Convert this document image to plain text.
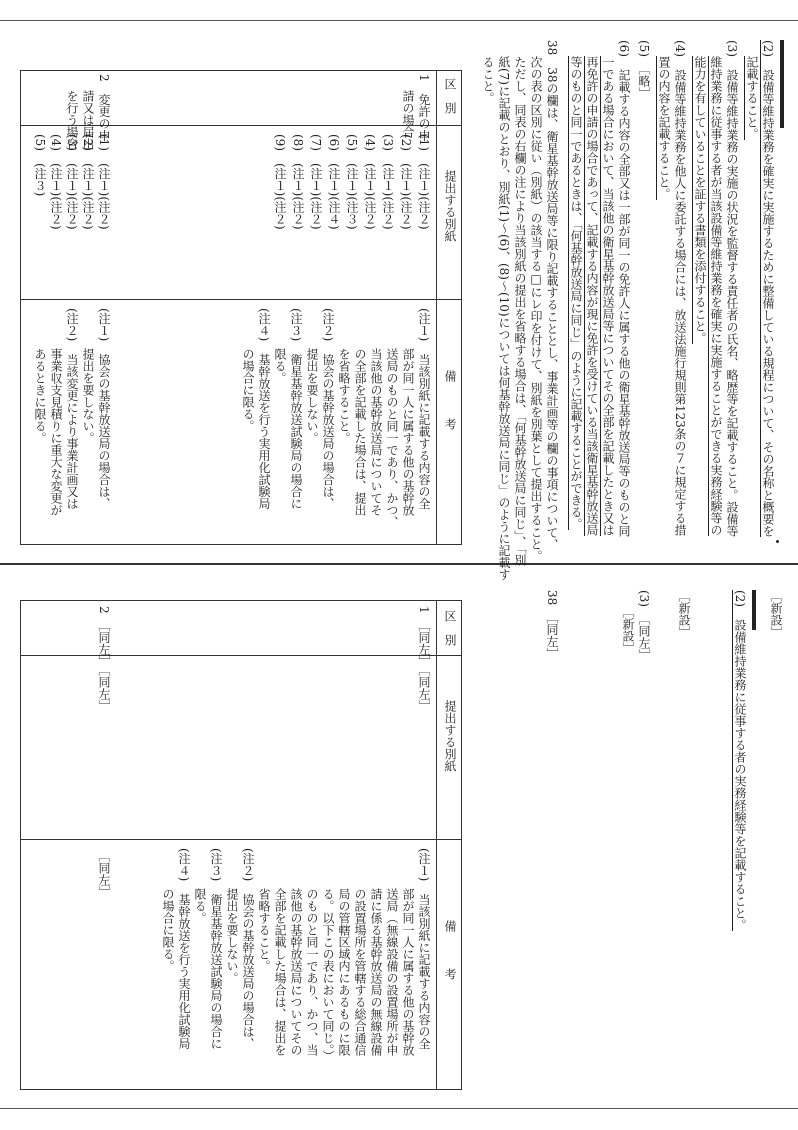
(2)　設備等維持業務を確実に実施するために整備している規程について、その名称と概要を
記載すること。
(3)　設備等維持業務の実施の状況を監督する責任者の氏名、略歴等を記載すること。設備等
維持業務に従事する者が当該設備等維持業務を確実に実施することができる実務経験等の
能力を有していることを証する書類を添付すること。
(4)　設備等維持業務を他人に委託する場合には、放送法施行規則第123条の７に規定する措
置の内容を記載すること。
(5)　［略］
(6)　記載する内容の全部又は一部が同一の免許人に属する他の衛星基幹放送局等のものと同
一である場合において、当該他の衛星基幹放送局等についてその全部を記載したとき又は
再免許の申請の場合であって、記載する内容が現に免許を受けている当該衛星基幹放送局
等のものと同一であるときは、「何基幹放送局に同じ」のように記載することができる。
38　38の欄は、衛星基幹放送局等に限り記載することとし、事業計画等の欄の事項について、
次の表の区別に従い（別紙）の該当する□にレ印を付けて、別紙を別葉として提出すること。
ただし、同表の右欄の注により当該別紙の提出を省略する場合は、「何基幹放送局に同じ」、「別
紙(7)に記載のとおり、別紙(1)〜(6)、(8)〜(10)については何基幹放送局に同じ」のように記載す
ること。
区　別
提出する別紙
備　　　考
1　免許の申
請の場合
2　変更の申
請又は届出
を行う場合
(1)　(注１)(注２)
(2)　(注１)(注２)
(3)　(注１)(注２)
(4)　(注１)(注２)
(5)　(注１)(注３)
(6)　(注１)(注４)
(7)　(注１)(注２)
(8)　(注１)(注２)
(9)　(注１)(注２)
(1)　(注１)(注２)
(2)　(注１)(注２)
(3)　(注１)(注２)
(4)　(注１)(注２)
(5)　(注３)
(注１)　当該別紙に記載する内容の全
部が同一人に属する他の基幹放
送局のものと同一であり、かつ、
当該他の基幹放送局についてそ
の全部を記載した場合は、提出
を省略すること。
(注２)　協会の基幹放送局の場合は、
提出を要しない。
(注３)　衛星基幹放送試験局の場合に
限る。
(注４)　基幹放送を行う実用化試験局
の場合に限る。
(注１)　協会の基幹放送局の場合は、
提出を要しない。
(注２)　当該変更により事業計画又は
事業収支見積りに重大な変更が
あるときに限る。
［新設］
(2)　設備維持業務に従事する者の実務経験等を記載すること。
［新設］
(3)　［同左］
［新設］
38　［同左］
区　別
提出する別紙
備　　　考
1　［同左］
［同左］
2　［同左］
［同左］
［同左］	(注１)　当該別紙に記載する内容の全
部が同一人に属する他の基幹放
送局（無線設備の設置場所が申
請に係る基幹放送局の無線設備
の設置場所を管轄する総合通信
局の管轄区域内にあるものに限
る。以下この表において同じ。）
のものと同一であり、かつ、当
該他の基幹放送局についてその
全部を記載した場合は、提出を
省略すること。
(注２)　協会の基幹放送局の場合は、
提出を要しない。
(注３)　衛星基幹放送試験局の場合に
限る。
(注４)　基幹放送を行う実用化試験局
の場合に限る。
